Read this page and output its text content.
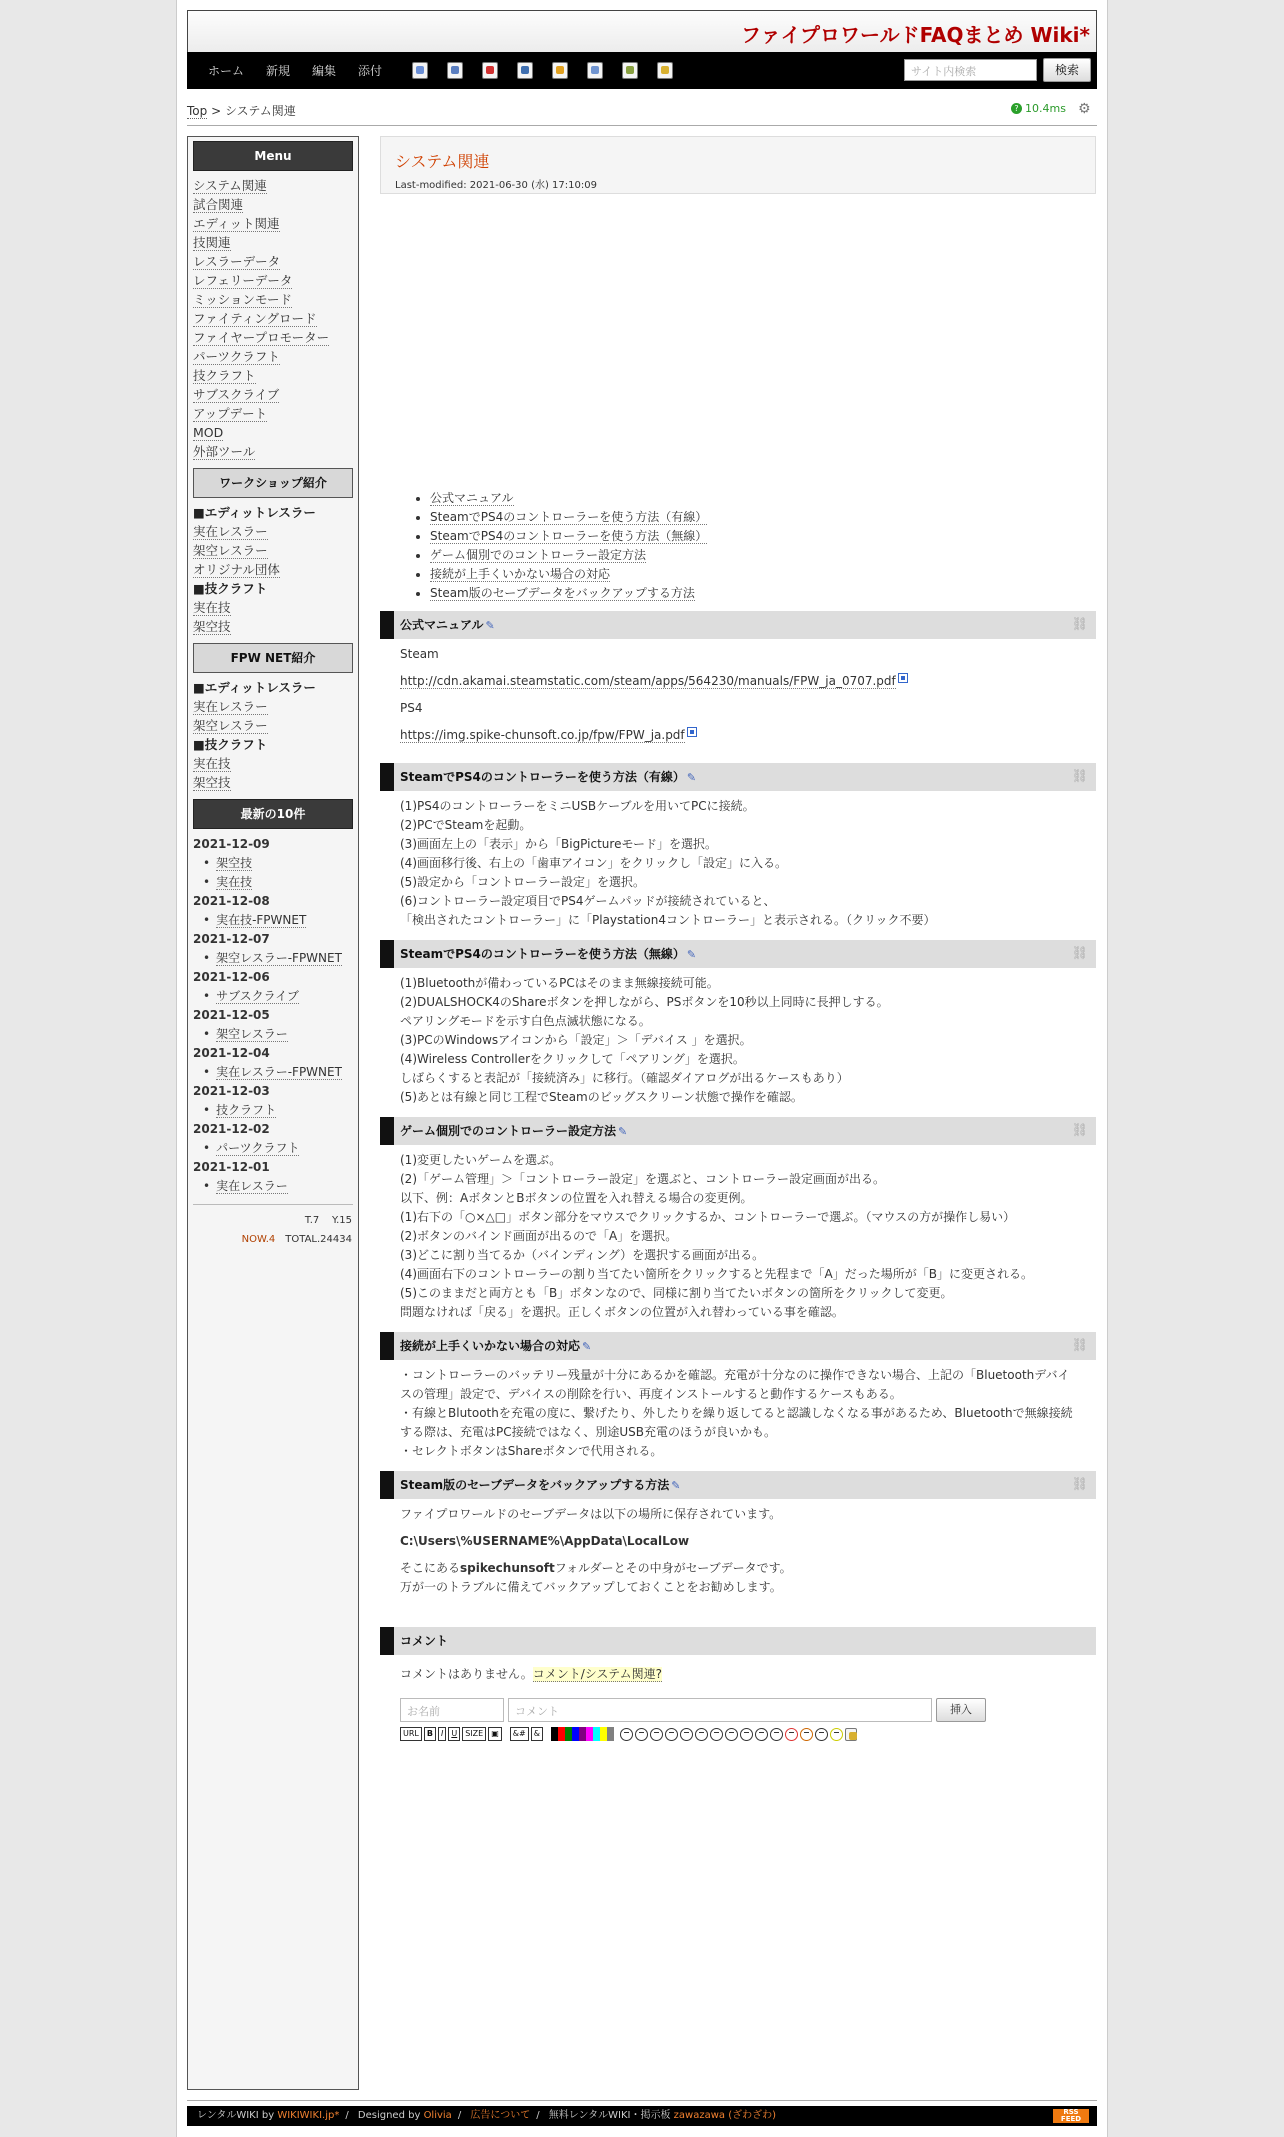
ファイプロワールドFAQまとめ Wiki*
ホーム 新規 編集 添付	サイト内検索	検索
Top > システム関連	? 10.4ms ⚙
Menu
システム関連
試合関連
エディット関連
技関連
レスラーデータ
レフェリーデータ
ミッションモード
ファイティングロード
ファイヤープロモーター
パーツクラフト
技クラフト
サブスクライブ
アップデート
MOD
外部ツール
ワークショップ紹介
■エディットレスラー
実在レスラー
架空レスラー
オリジナル団体
■技クラフト
実在技
架空技
FPW NET紹介
■エディットレスラー
実在レスラー
架空レスラー
■技クラフト
実在技
架空技
最新の10件
2021-12-09
• 架空技
• 実在技
2021-12-08
• 実在技-FPWNET
2021-12-07
• 架空レスラー-FPWNET
2021-12-06
• サブスクライブ
2021-12-05
• 架空レスラー
2021-12-04
• 実在レスラー-FPWNET
2021-12-03
• 技クラフト
2021-12-02
• パーツクラフト
2021-12-01
• 実在レスラー
T.7 Y.15
NOW.4 TOTAL.24434
システム関連
Last-modified: 2021-06-30 (水) 17:10:09
• 公式マニュアル
• SteamでPS4のコントローラーを使う方法（有線）
• SteamでPS4のコントローラーを使う方法（無線）
• ゲーム個別でのコントローラー設定方法
• 接続が上手くいかない場合の対応
• Steam版のセーブデータをバックアップする方法
公式マニュアル ✎	⛓

Steam

http://cdn.akamai.steamstatic.com/steam/apps/564230/manuals/FPW_ja_0707.pdf

PS4

https://img.spike-chunsoft.co.jp/fpw/FPW_ja.pdf

SteamでPS4のコントローラーを使う方法（有線） ✎	⛓
(1)PS4のコントローラーをミニUSBケーブルを用いてPCに接続。
(2)PCでSteamを起動。
(3)画面左上の「表示」から「BigPictureモード」を選択。
(4)画面移行後、右上の「歯車アイコン」をクリックし「設定」に入る。
(5)設定から「コントローラー設定」を選択。
(6)コントローラー設定項目でPS4ゲームパッドが接続されていると、
「検出されたコントローラー」に「Playstation4コントローラー」と表示される。（クリック不要）
SteamでPS4のコントローラーを使う方法（無線） ✎	⛓
(1)Bluetoothが備わっているPCはそのまま無線接続可能。
(2)DUALSHOCK4のShareボタンを押しながら、PSボタンを10秒以上同時に長押しする。
ペアリングモードを示す白色点滅状態になる。
(3)PCのWindowsアイコンから「設定」＞「デバイス 」を選択。
(4)Wireless Controllerをクリックして「ペアリング」を選択。
しばらくすると表記が「接続済み」に移行。（確認ダイアログが出るケースもあり）
(5)あとは有線と同じ工程でSteamのビッグスクリーン状態で操作を確認。
ゲーム個別でのコントローラー設定方法 ✎	⛓
(1)変更したいゲームを選ぶ。
(2)「ゲーム管理」＞「コントローラー設定」を選ぶと、コントローラー設定画面が出る。
以下、例：AボタンとBボタンの位置を入れ替える場合の変更例。
(1)右下の「○×△□」ボタン部分をマウスでクリックするか、コントローラーで選ぶ。（マウスの方が操作し易い）
(2)ボタンのバインド画面が出るので「A」を選択。
(3)どこに割り当てるか（バインディング）を選択する画面が出る。
(4)画面右下のコントローラーの割り当てたい箇所をクリックすると先程まで「A」だった場所が「B」に変更される。
(5)このままだと両方とも「B」ボタンなので、同様に割り当てたいボタンの箇所をクリックして変更。
問題なければ「戻る」を選択。正しくボタンの位置が入れ替わっている事を確認。
接続が上手くいかない場合の対応 ✎	⛓
・コントローラーのバッテリー残量が十分にあるかを確認。充電が十分なのに操作できない場合、上記の「Bluetoothデバイスの管理」設定で、デバイスの削除を行い、再度インストールすると動作するケースもある。
・有線とBlutoothを充電の度に、繋げたり、外したりを繰り返してると認識しなくなる事があるため、Bluetoothで無線接続する際は、充電はPC接続ではなく、別途USB充電のほうが良いかも。
・セレクトボタンはShareボタンで代用される。
Steam版のセーブデータをバックアップする方法 ✎	⛓

ファイプロワールドのセーブデータは以下の場所に保存されています。

C:\Users\%USERNAME%\AppData\LocalLow

そこにあるspikechunsoftフォルダーとその中身がセーブデータです。
万が一のトラブルに備えてバックアップしておくことをお勧めします。
コメント
コメントはありません。コメント/システム関連?
お名前	コメント	挿入
URL	B	I	U	SIZE	▣	&#	&
レンタルWIKI by WIKIWIKI.jp* / Designed by Olivia / 広告について / 無料レンタルWIKI・掲示板 zawazawa (ざわざわ)	RSS FEED
